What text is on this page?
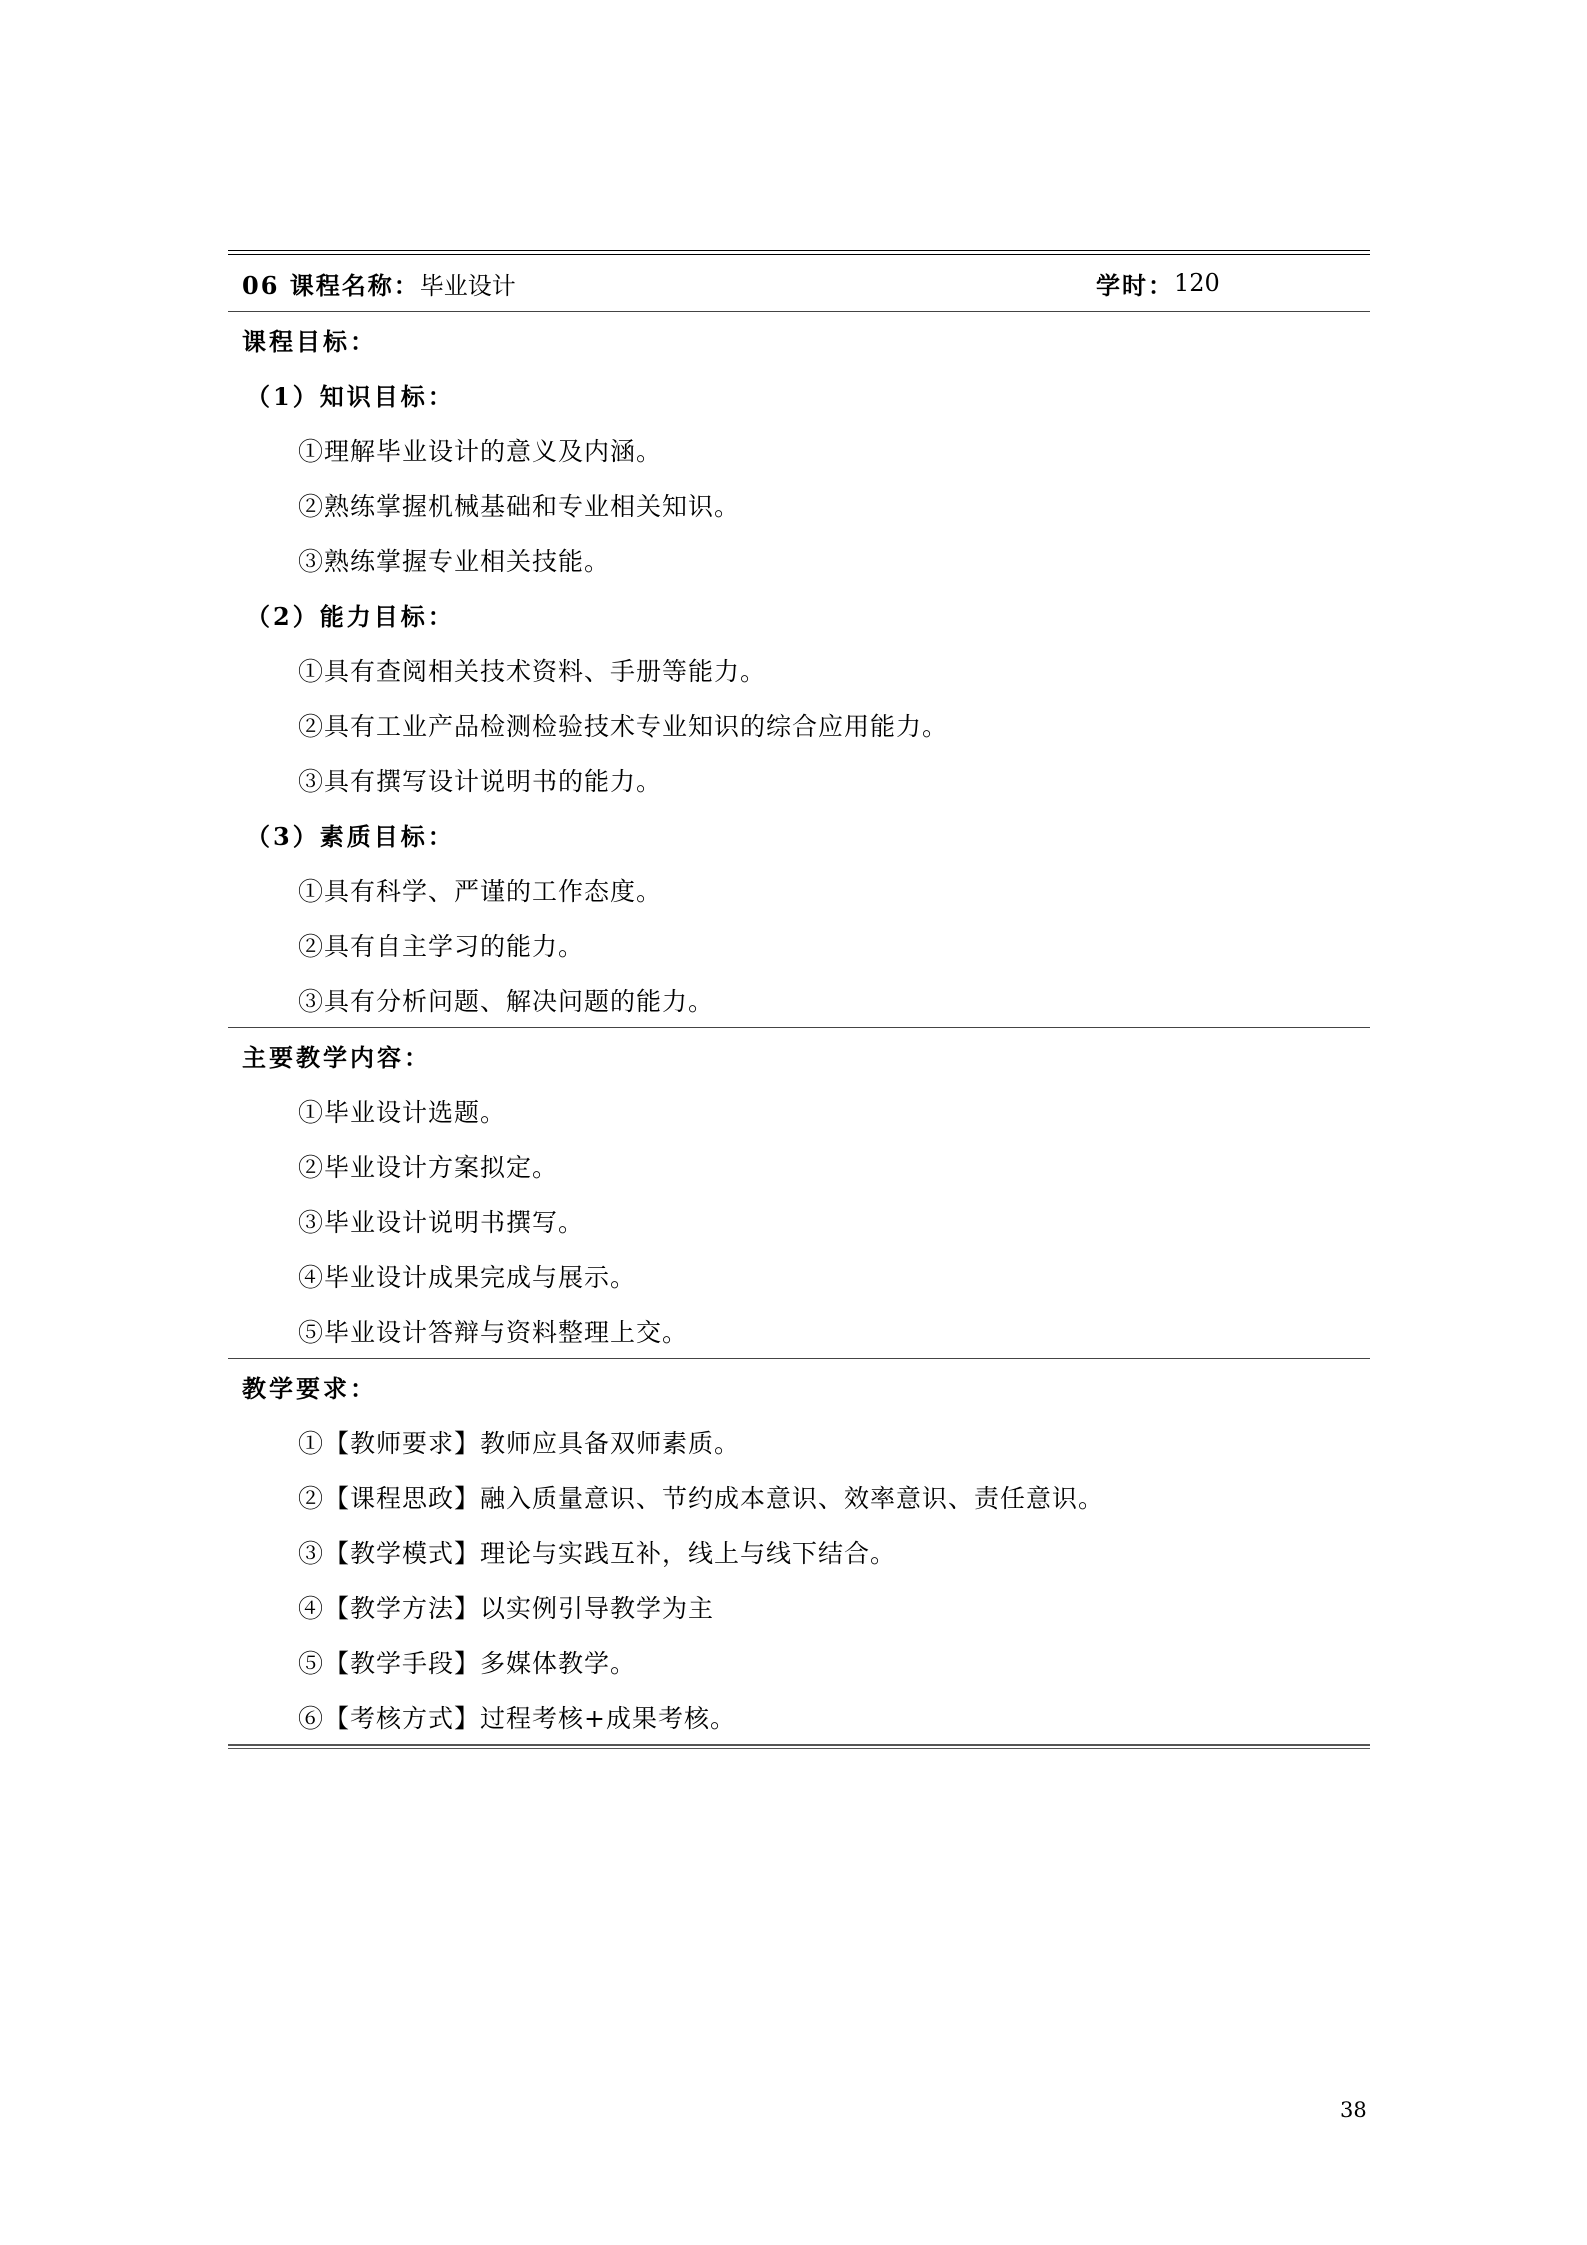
06 课程名称： 毕业设计	学时： 120
课程目标：
（1）知识目标：
①理解毕业设计的意义及内涵。
②熟练掌握机械基础和专业相关知识。
③熟练掌握专业相关技能。
（2）能力目标：
①具有查阅相关技术资料、手册等能力。
②具有工业产品检测检验技术专业知识的综合应用能力。
③具有撰写设计说明书的能力。
（3）素质目标：
①具有科学、严谨的工作态度。
②具有自主学习的能力。
③具有分析问题、解决问题的能力。
主要教学内容：
①毕业设计选题。
②毕业设计方案拟定。
③毕业设计说明书撰写。
④毕业设计成果完成与展示。
⑤毕业设计答辩与资料整理上交。
教学要求：
①【教师要求】教师应具备双师素质。
②【课程思政】融入质量意识、节约成本意识、效率意识、责任意识。
③【教学模式】理论与实践互补，线上与线下结合。
④【教学方法】以实例引导教学为主
⑤【教学手段】多媒体教学。
⑥【考核方式】过程考核+成果考核。
38
